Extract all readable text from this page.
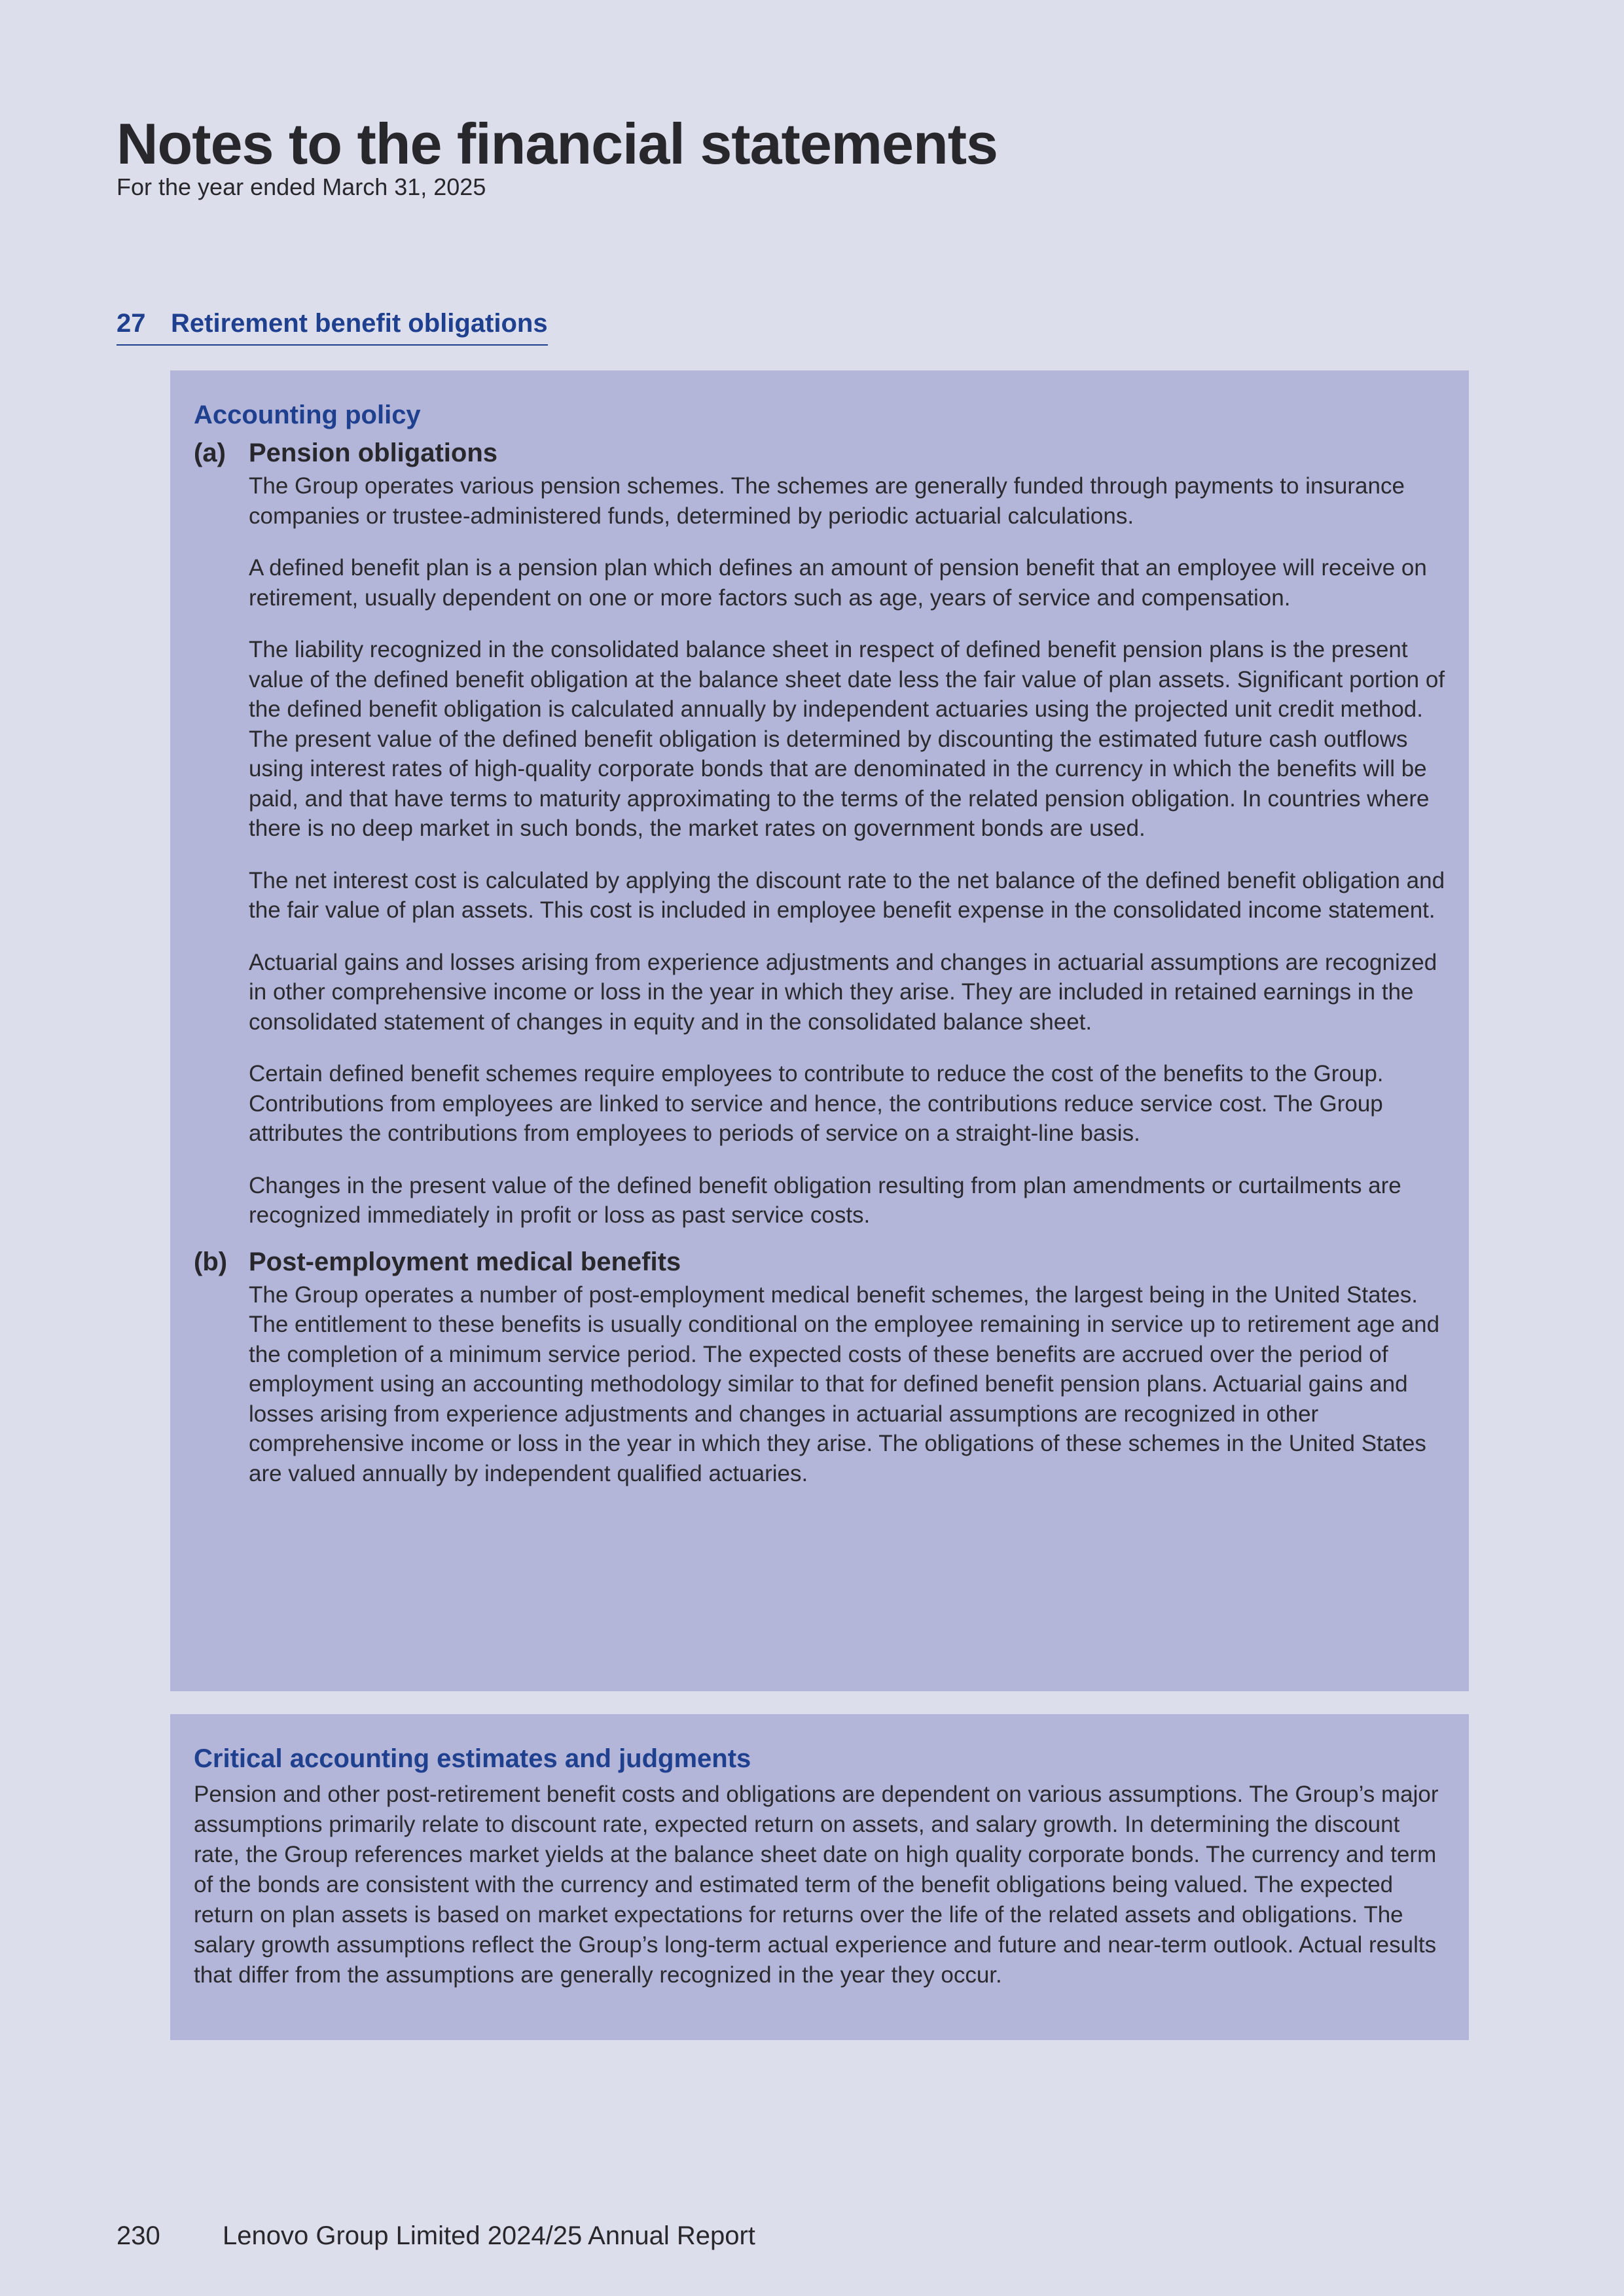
Notes to the financial statements
For the year ended March 31, 2025
27 Retirement benefit obligations
Accounting policy
(a) Pension obligations

The Group operates various pension schemes. The schemes are generally funded through payments to insurance companies or trustee-administered funds, determined by periodic actuarial calculations.

A defined benefit plan is a pension plan which defines an amount of pension benefit that an employee will receive on retirement, usually dependent on one or more factors such as age, years of service and compensation.

The liability recognized in the consolidated balance sheet in respect of defined benefit pension plans is the present value of the defined benefit obligation at the balance sheet date less the fair value of plan assets. Significant portion of the defined benefit obligation is calculated annually by independent actuaries using the projected unit credit method. The present value of the defined benefit obligation is determined by discounting the estimated future cash outflows using interest rates of high-quality corporate bonds that are denominated in the currency in which the benefits will be paid, and that have terms to maturity approximating to the terms of the related pension obligation. In countries where there is no deep market in such bonds, the market rates on government bonds are used.

The net interest cost is calculated by applying the discount rate to the net balance of the defined benefit obligation and the fair value of plan assets. This cost is included in employee benefit expense in the consolidated income statement.

Actuarial gains and losses arising from experience adjustments and changes in actuarial assumptions are recognized in other comprehensive income or loss in the year in which they arise. They are included in retained earnings in the consolidated statement of changes in equity and in the consolidated balance sheet.

Certain defined benefit schemes require employees to contribute to reduce the cost of the benefits to the Group. Contributions from employees are linked to service and hence, the contributions reduce service cost. The Group attributes the contributions from employees to periods of service on a straight-line basis.

Changes in the present value of the defined benefit obligation resulting from plan amendments or curtailments are recognized immediately in profit or loss as past service costs.

(b) Post-employment medical benefits

The Group operates a number of post-employment medical benefit schemes, the largest being in the United States. The entitlement to these benefits is usually conditional on the employee remaining in service up to retirement age and the completion of a minimum service period. The expected costs of these benefits are accrued over the period of employment using an accounting methodology similar to that for defined benefit pension plans. Actuarial gains and losses arising from experience adjustments and changes in actuarial assumptions are recognized in other comprehensive income or loss in the year in which they arise. The obligations of these schemes in the United States are valued annually by independent qualified actuaries.

Critical accounting estimates and judgments

Pension and other post-retirement benefit costs and obligations are dependent on various assumptions. The Group’s major assumptions primarily relate to discount rate, expected return on assets, and salary growth. In determining the discount rate, the Group references market yields at the balance sheet date on high quality corporate bonds. The currency and term of the bonds are consistent with the currency and estimated term of the benefit obligations being valued. The expected return on plan assets is based on market expectations for returns over the life of the related assets and obligations. The salary growth assumptions reflect the Group’s long-term actual experience and future and near-term outlook. Actual results that differ from the assumptions are generally recognized in the year they occur.

230 Lenovo Group Limited 2024/25 Annual Report
